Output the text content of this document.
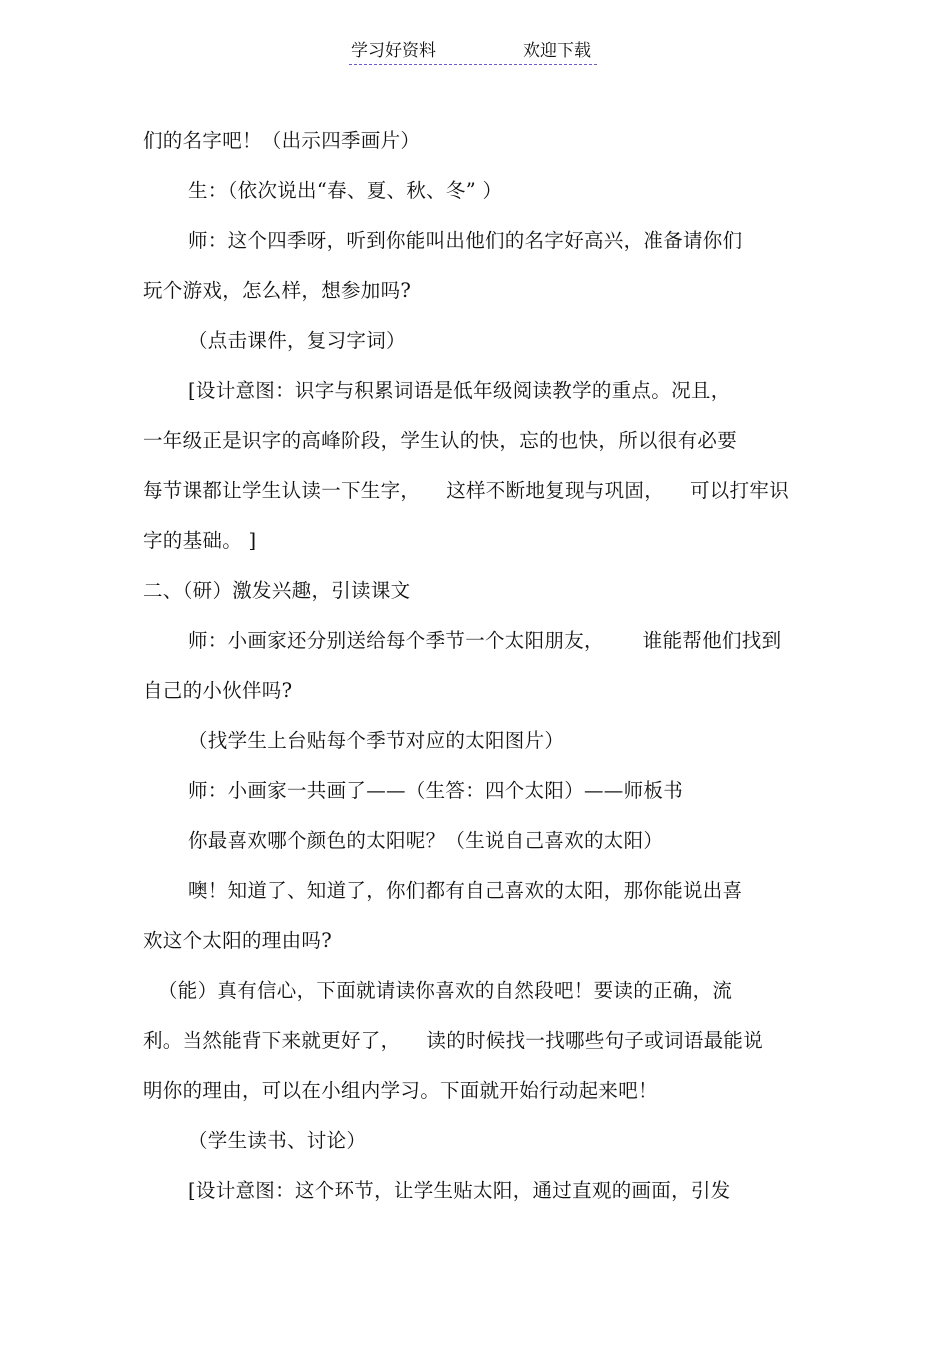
学习好资料	欢迎下载
们的名字吧！（出示四季画片）
生：（依次说出“春、夏、秋、冬” ）
师：这个四季呀，听到你能叫出他们的名字好高兴，准备请你们
玩个游戏，怎么样，想参加吗?
（点击课件，复习字词）
[设计意图：识字与积累词语是低年级阅读教学的重点。况且，
一年级正是识字的高峰阶段，学生认的快，忘的也快，所以很有必要
每节课都让学生认读一下生字，    这样不断地复现与巩固，    可以打牢识
字的基础。 ]
二、（研）激发兴趣，引读课文
师：小画家还分别送给每个季节一个太阳朋友，      谁能帮他们找到
自己的小伙伴吗?
（找学生上台贴每个季节对应的太阳图片）
师：小画家一共画了——（生答：四个太阳）——师板书
你最喜欢哪个颜色的太阳呢？（生说自己喜欢的太阳）
噢！知道了、知道了，你们都有自己喜欢的太阳，那你能说出喜
欢这个太阳的理由吗?
（能）真有信心，下面就请读你喜欢的自然段吧！要读的正确，流
利。当然能背下来就更好了，    读的时候找一找哪些句子或词语最能说
明你的理由，可以在小组内学习。下面就开始行动起来吧！
（学生读书、讨论）
[设计意图：这个环节，让学生贴太阳，通过直观的画面，引发
